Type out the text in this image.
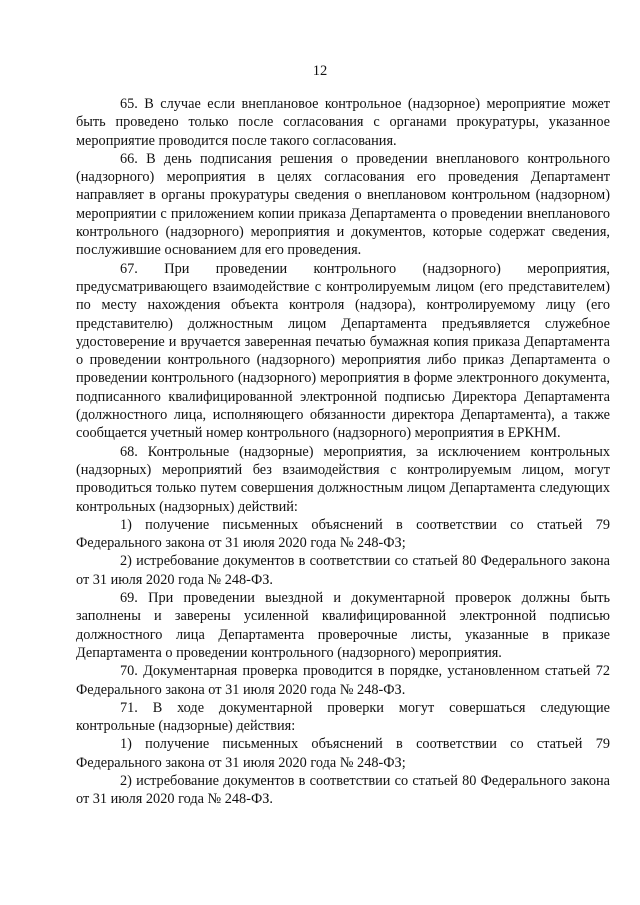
12

65. В случае если внеплановое контрольное (надзорное) мероприятие может быть проведено только после согласования с органами прокуратуры, указанное мероприятие проводится после такого согласования.

66. В день подписания решения о проведении внепланового контрольного (надзорного) мероприятия в целях согласования его проведения Департамент направляет в органы прокуратуры сведения о внеплановом контрольном (надзорном) мероприятии с приложением копии приказа Департамента о проведении внепланового контрольного (надзорного) мероприятия и документов, которые содержат сведения, послужившие основанием для его проведения.

67. При проведении контрольного (надзорного) мероприятия, предусматривающего взаимодействие с контролируемым лицом (его представителем) по месту нахождения объекта контроля (надзора), контролируемому лицу (его представителю) должностным лицом Департамента предъявляется служебное удостоверение и вручается заверенная печатью бумажная копия приказа Департамента о проведении контрольного (надзорного) мероприятия либо приказ Департамента о проведении контрольного (надзорного) мероприятия в форме электронного документа, подписанного квалифицированной электронной подписью Директора Департамента (должностного лица, исполняющего обязанности директора Департамента), а также сообщается учетный номер контрольного (надзорного) мероприятия в ЕРКНМ.

68. Контрольные (надзорные) мероприятия, за исключением контрольных (надзорных) мероприятий без взаимодействия с контролируемым лицом, могут проводиться только путем совершения должностным лицом Департамента следующих контрольных (надзорных) действий:

1) получение письменных объяснений в соответствии со статьей 79 Федерального закона от 31 июля 2020 года № 248-ФЗ;

2) истребование документов в соответствии со статьей 80 Федерального закона от 31 июля 2020 года № 248-ФЗ.

69. При проведении выездной и документарной проверок должны быть заполнены и заверены усиленной квалифицированной электронной подписью должностного лица Департамента проверочные листы, указанные в приказе Департамента о проведении контрольного (надзорного) мероприятия.

70. Документарная проверка проводится в порядке, установленном статьей 72 Федерального закона от 31 июля 2020 года № 248-ФЗ.

71. В ходе документарной проверки могут совершаться следующие контрольные (надзорные) действия:

1) получение письменных объяснений в соответствии со статьей 79 Федерального закона от 31 июля 2020 года № 248-ФЗ;

2) истребование документов в соответствии со статьей 80 Федерального закона от 31 июля 2020 года № 248-ФЗ.
